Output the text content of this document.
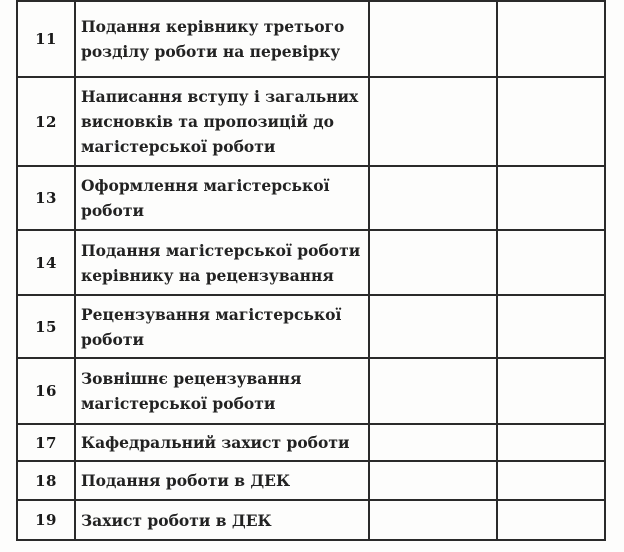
11	Подання керівнику третього розділу роботи на перевірку		

12	Написання вступу і загальних висновків та пропозицій до магістерської роботи		

13	Оформлення магістерської роботи		

14	Подання магістерської роботи керівнику на рецензування		

15	Рецензування магістерської роботи		

16	Зовнішнє рецензування магістерської роботи		

17	Кафедральний захист роботи		

18	Подання роботи в ДЕК		

19	Захист роботи в ДЕК		
